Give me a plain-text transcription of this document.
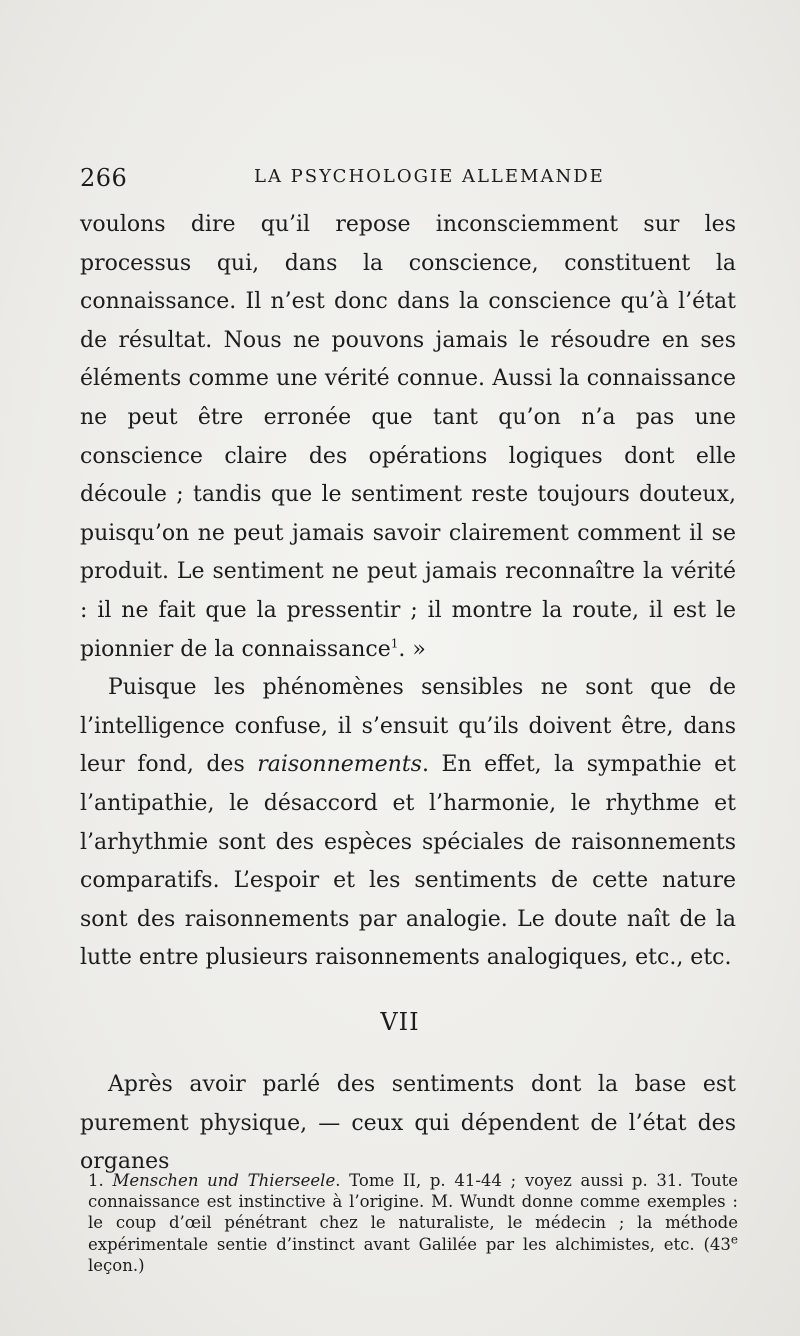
266	LA PSYCHOLOGIE ALLEMANDE

voulons dire qu’il repose inconsciemment sur les processus qui, dans la conscience, constituent la connaissance. Il n’est donc dans la conscience qu’à l’état de résultat. Nous ne pouvons jamais le résoudre en ses éléments comme une vérité connue. Aussi la connaissance ne peut être erronée que tant qu’on n’a pas une conscience claire des opérations logiques dont elle découle ; tandis que le sentiment reste toujours douteux, puisqu’on ne peut jamais savoir clairement comment il se produit. Le sentiment ne peut jamais reconnaître la vérité : il ne fait que la pressentir ; il montre la route, il est le pionnier de la connaissance$^1$. »

Puisque les phénomènes sensibles ne sont que de l’intelligence confuse, il s’ensuit qu’ils doivent être, dans leur fond, des raisonnements. En effet, la sympathie et l’antipathie, le désaccord et l’harmonie, le rhythme et l’arhythmie sont des espèces spéciales de raisonnements comparatifs. L’espoir et les sentiments de cette nature sont des raisonnements par analogie. Le doute naît de la lutte entre plusieurs raisonnements analogiques, etc., etc.

VII

Après avoir parlé des sentiments dont la base est purement physique, — ceux qui dépendent de l’état des organes

1. Menschen und Thierseele. Tome II, p. 41-44 ; voyez aussi p. 31. Toute connaissance est instinctive à l’origine. M. Wundt donne comme exemples : le coup d’œil pénétrant chez le naturaliste, le médecin ; la méthode expérimentale sentie d’instinct avant Galilée par les alchimistes, etc. (43e leçon.)
